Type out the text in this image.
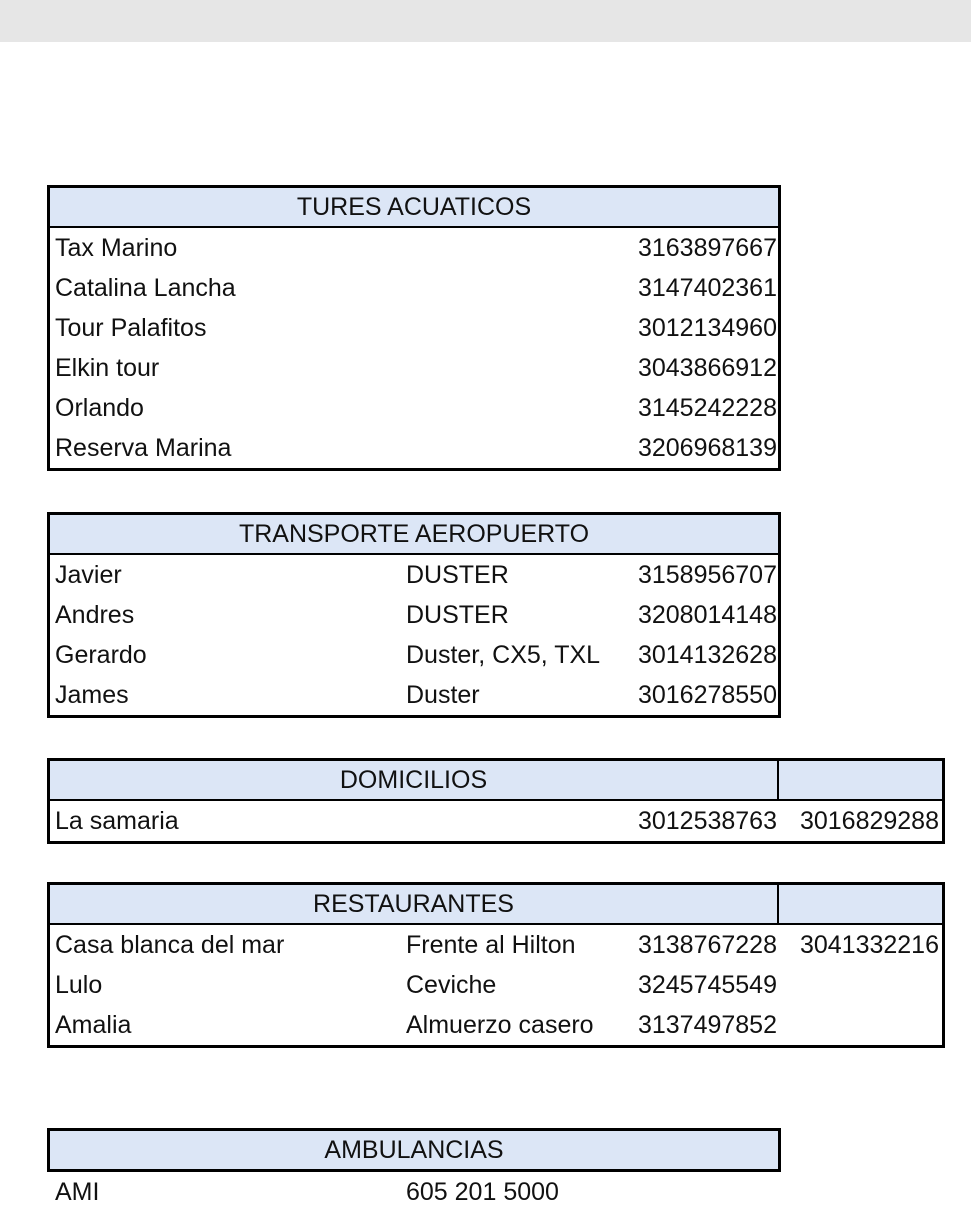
TURES ACUATICOS
Tax Marino	3163897667
Catalina Lancha	3147402361
Tour Palafitos	3012134960
Elkin tour	3043866912
Orlando	3145242228
Reserva Marina	3206968139
TRANSPORTE AEROPUERTO
Javier	DUSTER	3158956707
Andres	DUSTER	3208014148
Gerardo	Duster, CX5, TXL	3014132628
James	Duster	3016278550
DOMICILIOS
La samaria	3012538763 3016829288
RESTAURANTES
Casa blanca del mar	Frente al Hilton	3138767228 3041332216
Lulo	Ceviche	3245745549
Amalia	Almuerzo casero	3137497852
AMBULANCIAS
AMI	605 201 5000
